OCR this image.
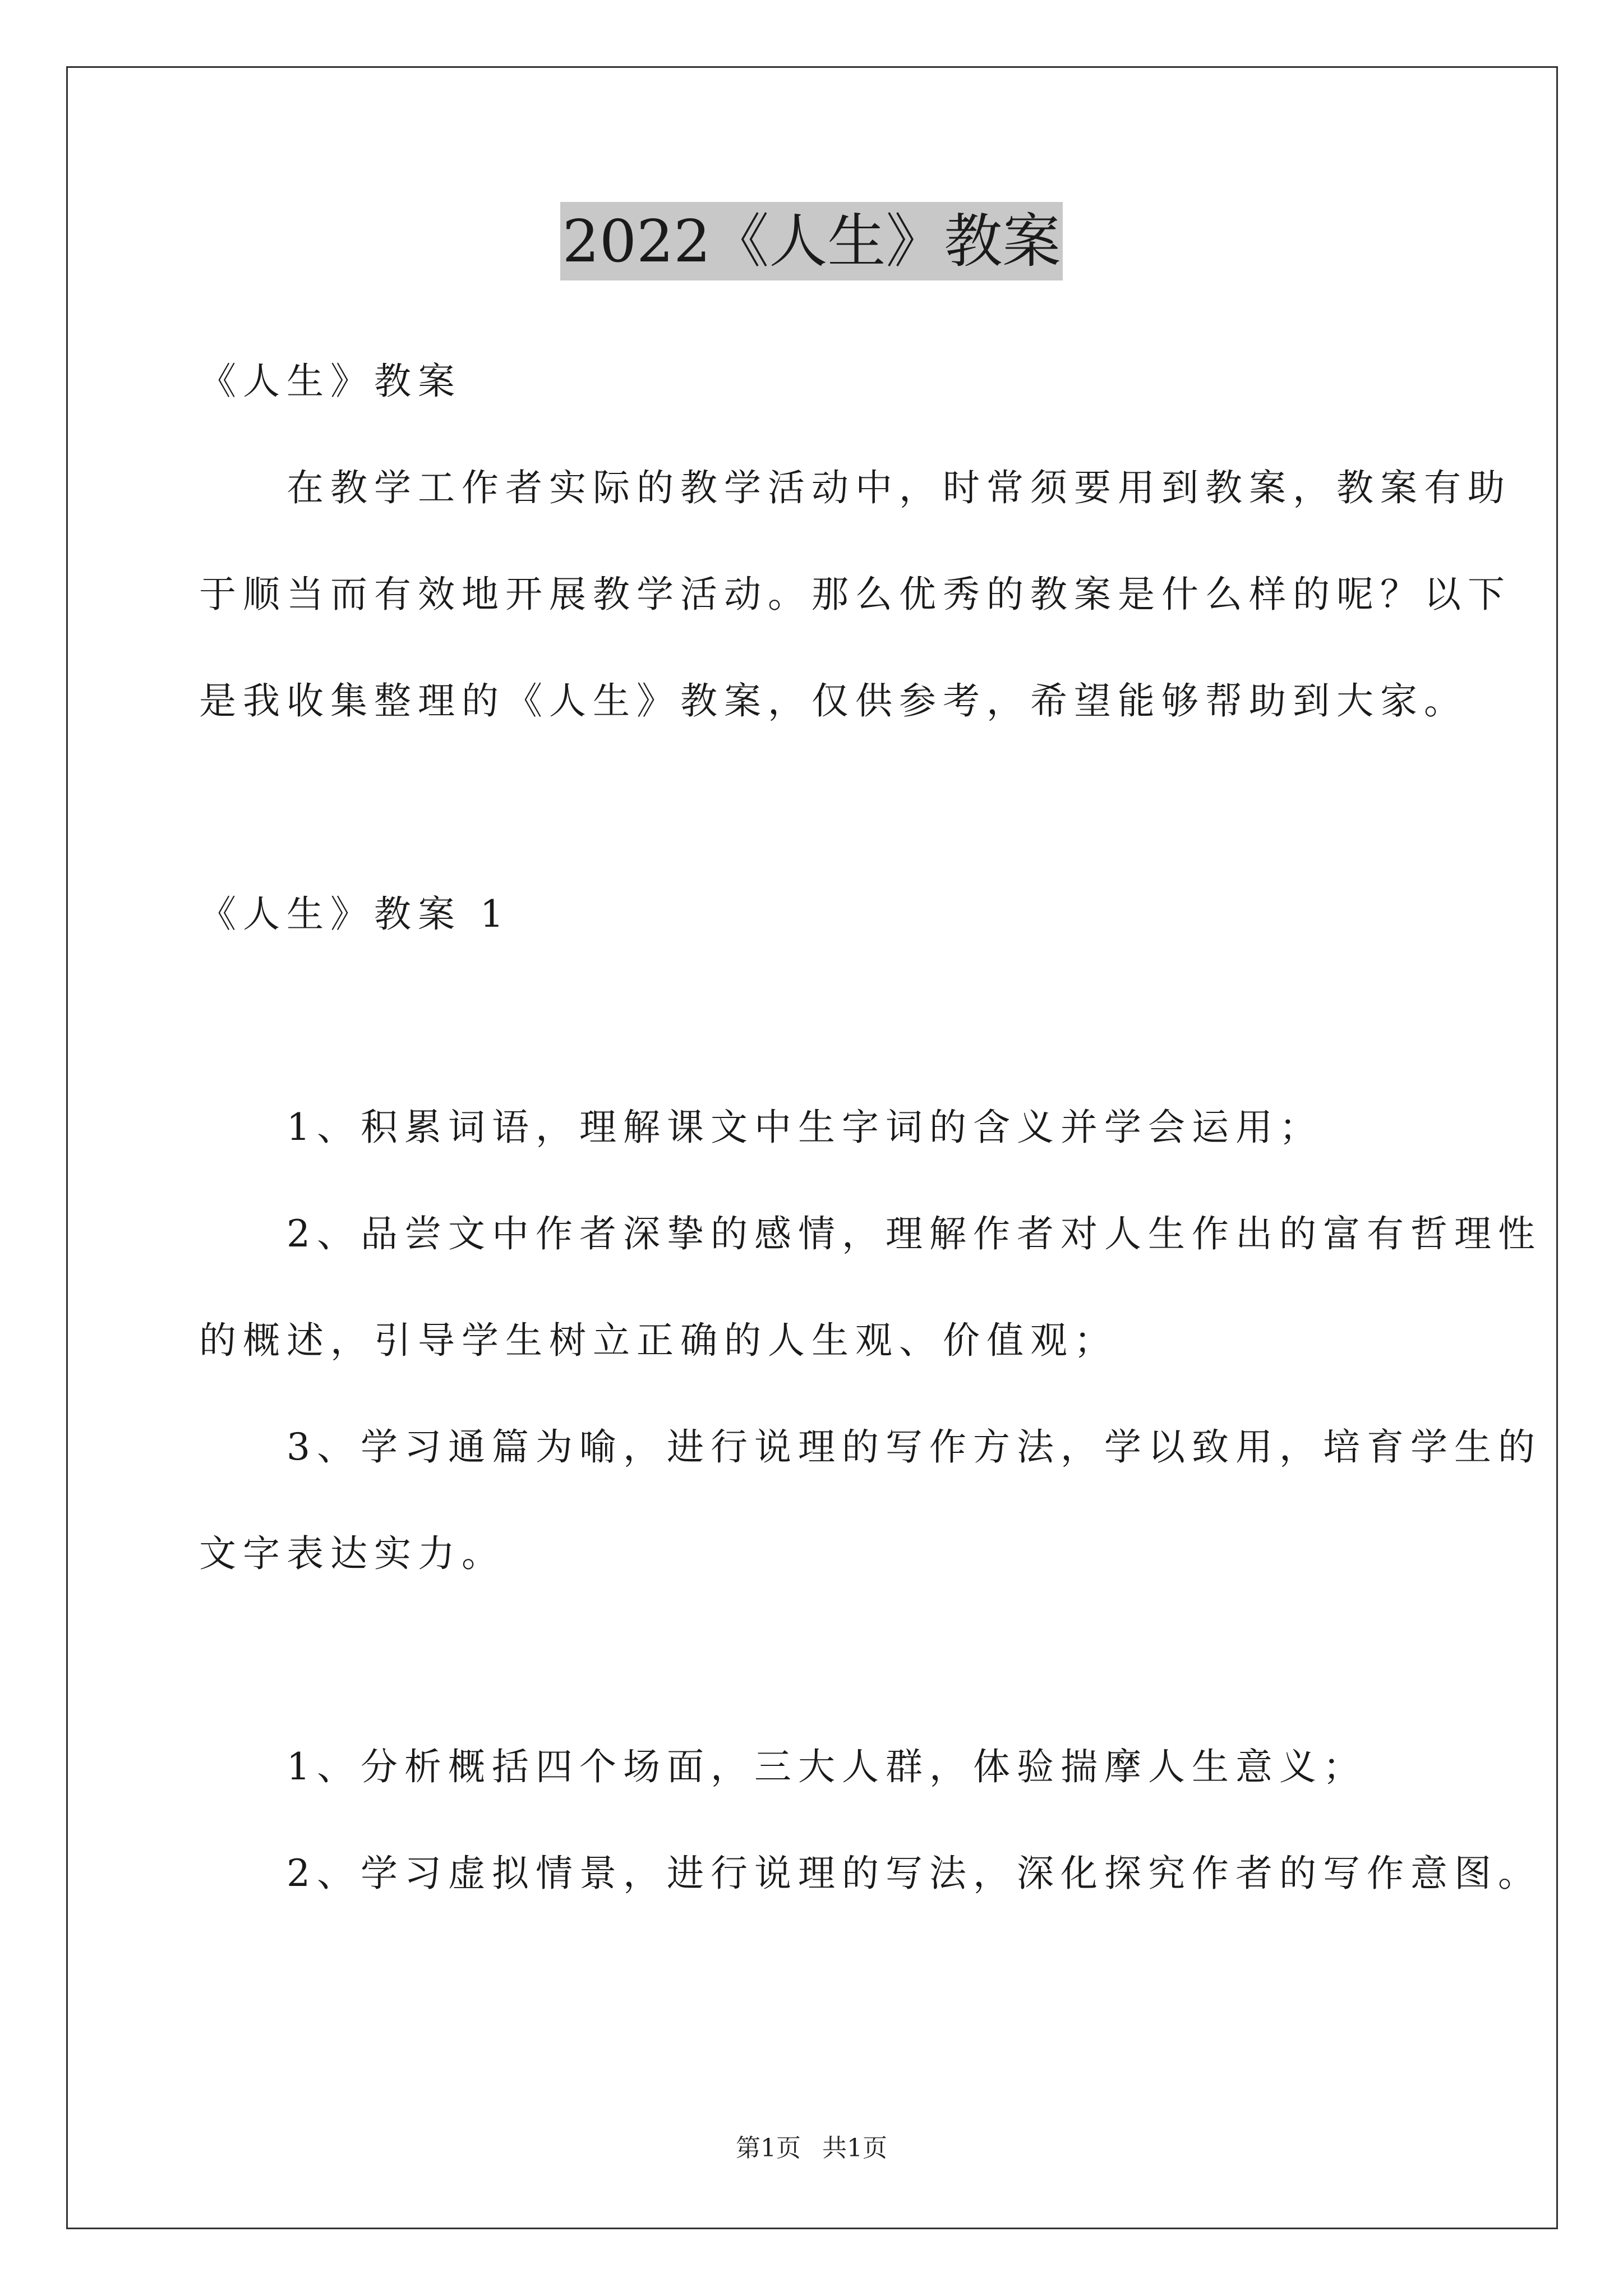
2022《人生》教案
《人生》教案
　　在教学工作者实际的教学活动中，时常须要用到教案，教案有助
于顺当而有效地开展教学活动。那么优秀的教案是什么样的呢？以下
是我收集整理的《人生》教案，仅供参考，希望能够帮助到大家。
《人生》教案 1
　　1、积累词语，理解课文中生字词的含义并学会运用；
　　2、品尝文中作者深挚的感情，理解作者对人生作出的富有哲理性
的概述，引导学生树立正确的人生观、价值观；
　　3、学习通篇为喻，进行说理的写作方法，学以致用，培育学生的
文字表达实力。
　　1、分析概括四个场面，三大人群，体验揣摩人生意义；
　　2、学习虚拟情景，进行说理的写法，深化探究作者的写作意图。
第1页 共1页
